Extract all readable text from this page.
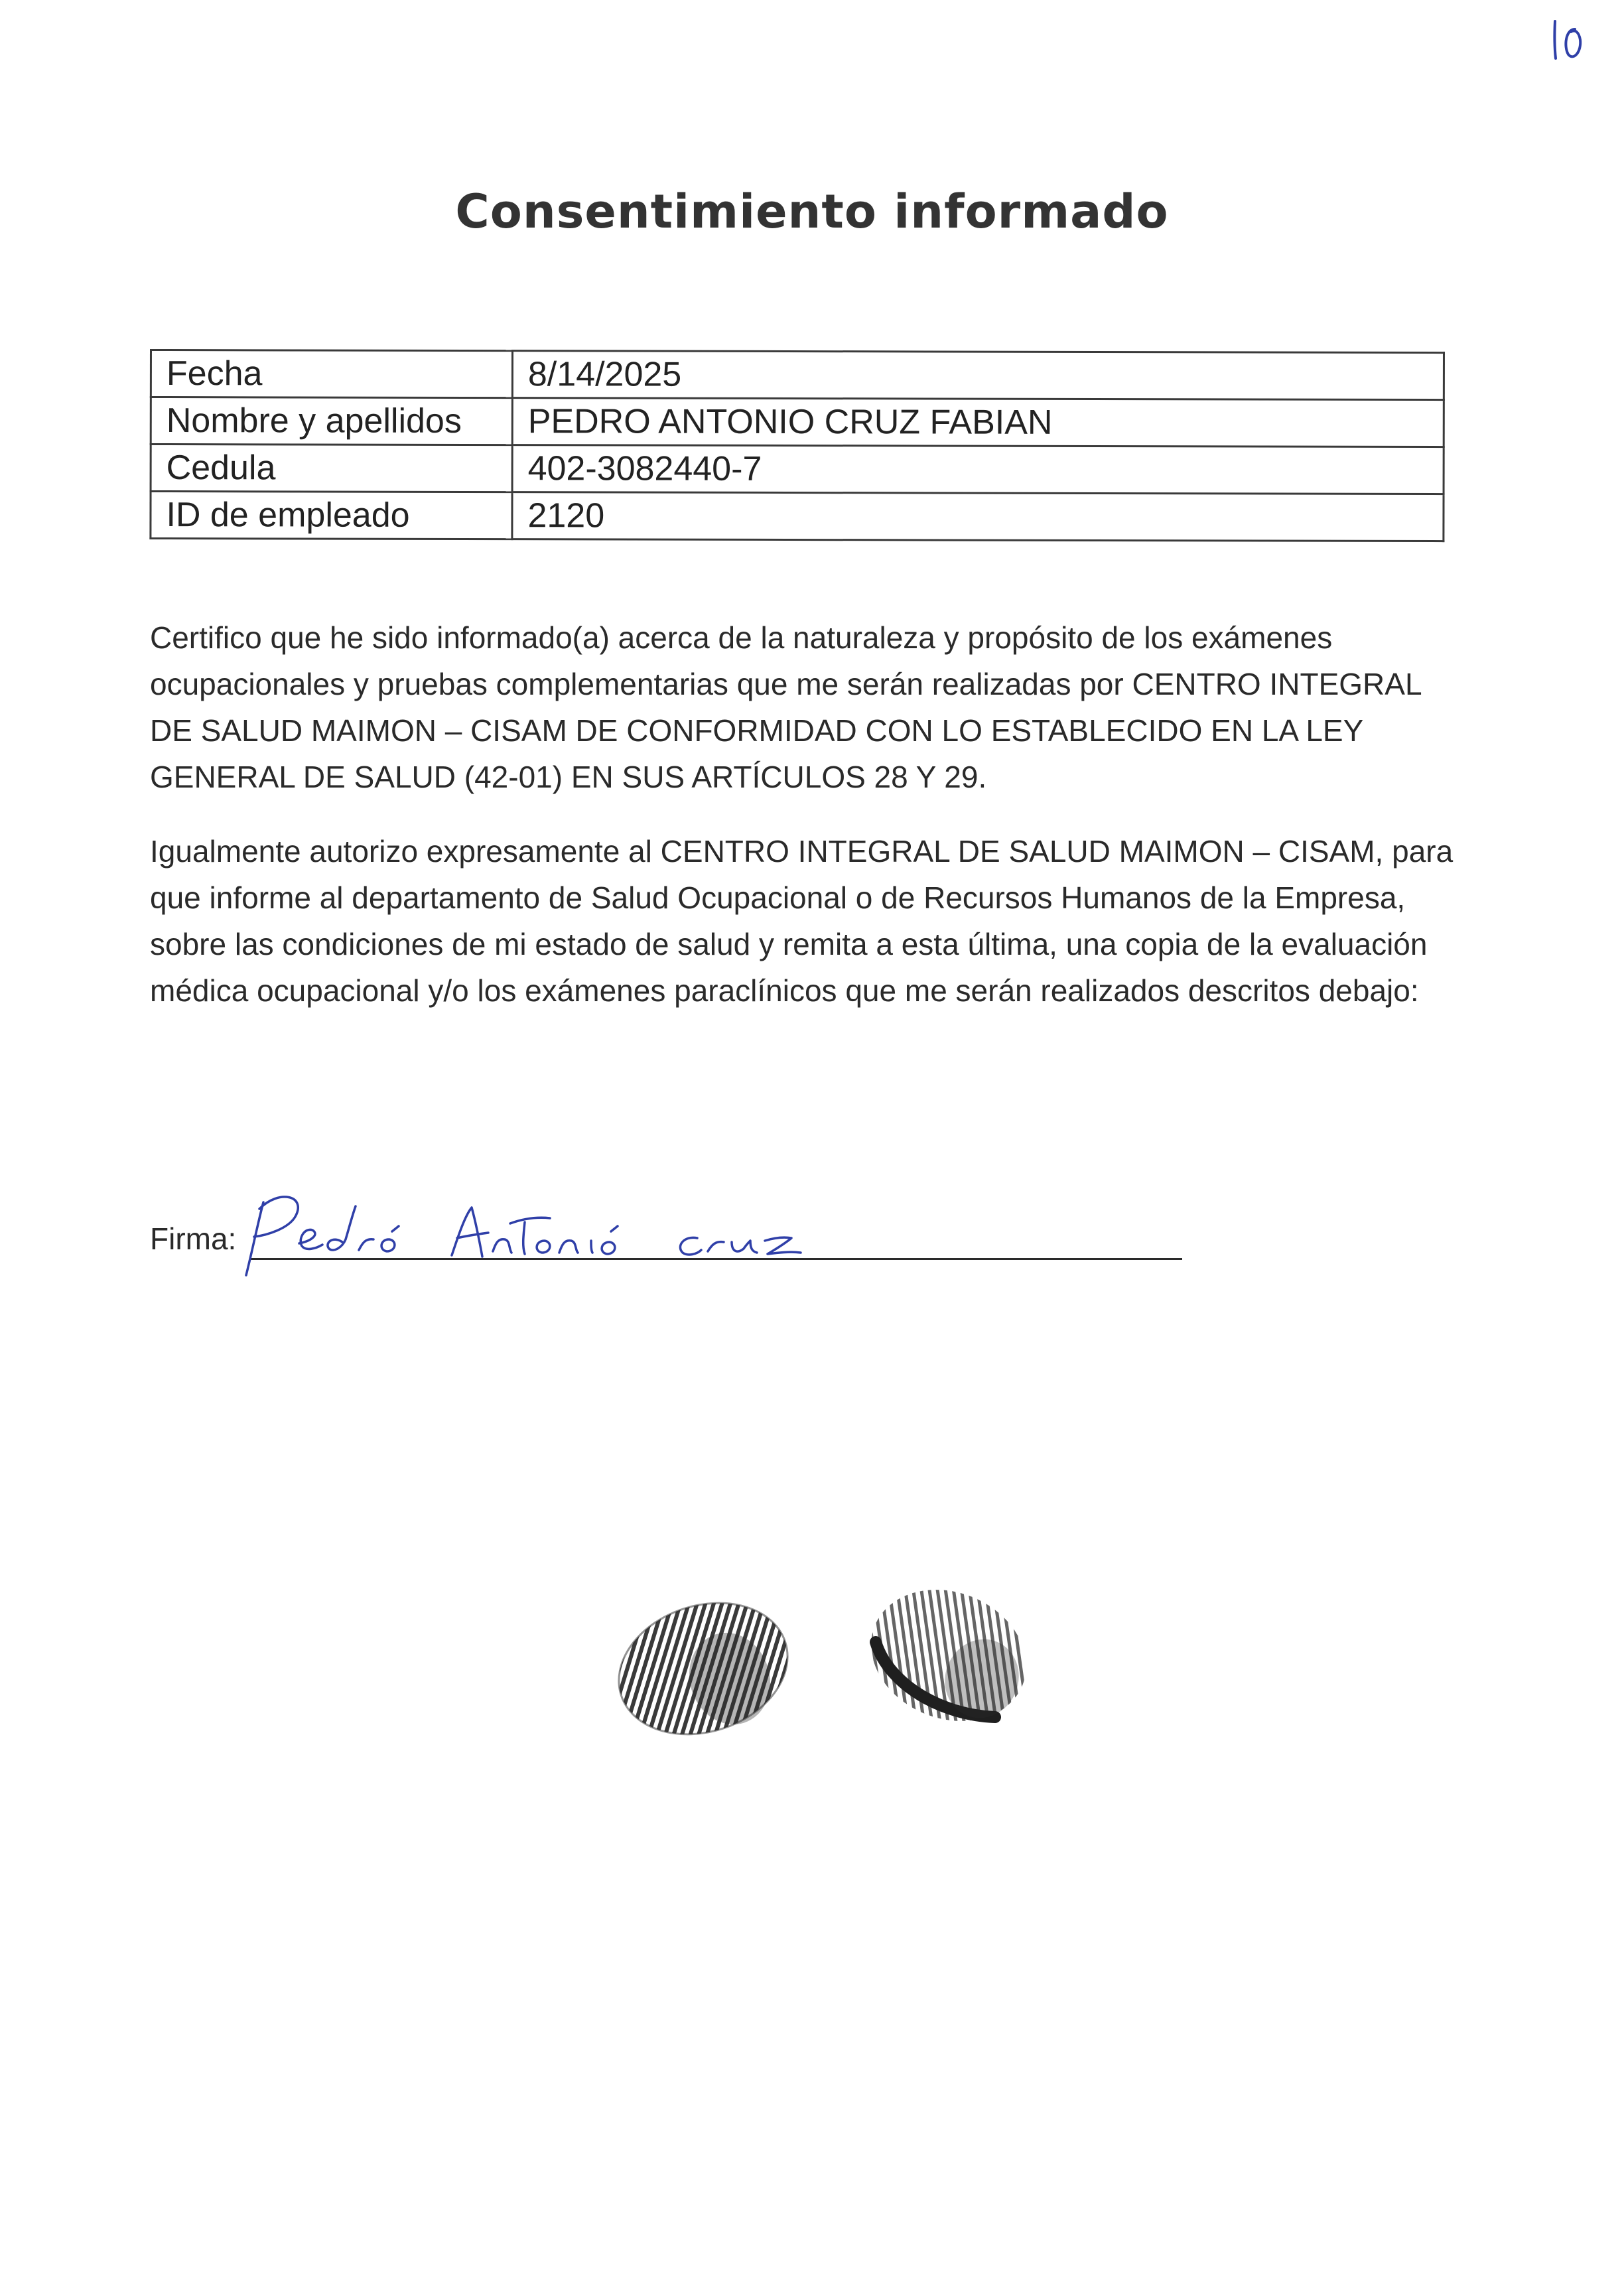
Consentimiento informado
Fecha	8/14/2025
Nombre y apellidos	PEDRO ANTONIO CRUZ FABIAN
Cedula	402-3082440-7
ID de empleado	2120

Certifico que he sido informado(a) acerca de la naturaleza y propósito de los exámenes ocupacionales y pruebas complementarias que me serán realizadas por CENTRO INTEGRAL DE SALUD MAIMON – CISAM DE CONFORMIDAD CON LO ESTABLECIDO EN LA LEY GENERAL DE SALUD (42-01) EN SUS ARTÍCULOS 28 Y 29.

Igualmente autorizo expresamente al CENTRO INTEGRAL DE SALUD MAIMON – CISAM, para que informe al departamento de Salud Ocupacional o de Recursos Humanos de la Empresa, sobre las condiciones de mi estado de salud y remita a esta última, una copia de la evaluación médica ocupacional y/o los exámenes paraclínicos que me serán realizados descritos debajo:

Firma:
